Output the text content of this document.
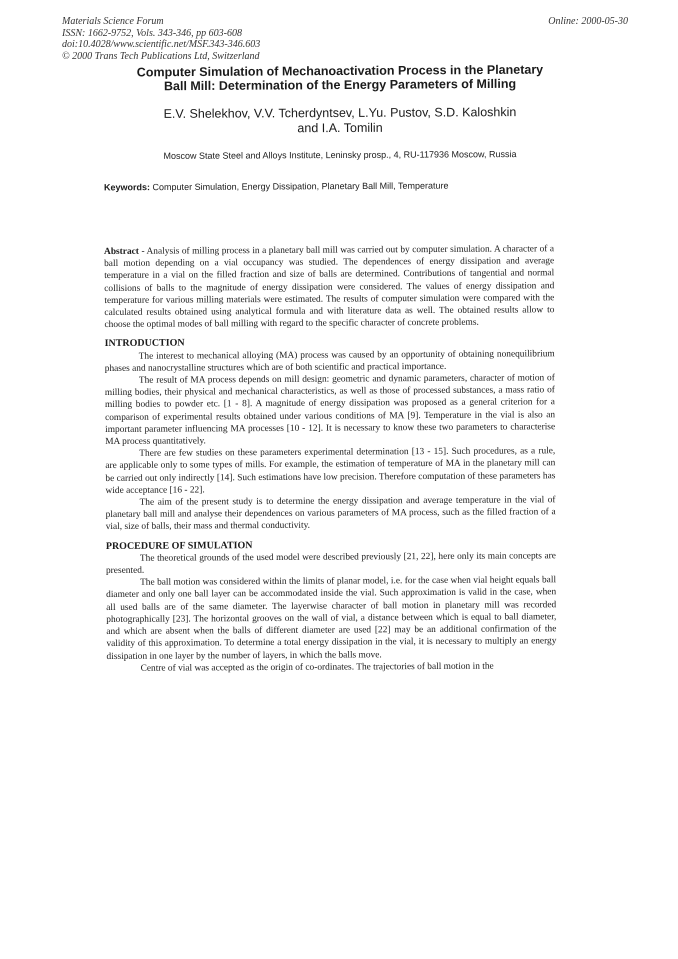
Materials Science Forum
ISSN: 1662-9752, Vols. 343-346, pp 603-608
doi:10.4028/www.scientific.net/MSF.343-346.603
© 2000 Trans Tech Publications Ltd, Switzerland
Online: 2000-05-30
Computer Simulation of Mechanoactivation Process in the Planetary
Ball Mill: Determination of the Energy Parameters of Milling
E.V. Shelekhov, V.V. Tcherdyntsev, L.Yu. Pustov, S.D. Kaloshkin
and I.A. Tomilin
Moscow State Steel and Alloys Institute, Leninsky prosp., 4, RU-117936 Moscow, Russia
Keywords: Computer Simulation, Energy Dissipation, Planetary Ball Mill, Temperature

Abstract - Analysis of milling process in a planetary ball mill was carried out by computer simulation. A character of a ball motion depending on a vial occupancy was studied. The dependences of energy dissipation and average temperature in a vial on the filled fraction and size of balls are determined. Contributions of tangential and normal collisions of balls to the magnitude of energy dissipation were considered. The values of energy dissipation and temperature for various milling materials were estimated. The results of computer simulation were compared with the calculated results obtained using analytical formula and with literature data as well. The obtained results allow to choose the optimal modes of ball milling with regard to the specific character of concrete problems.

INTRODUCTION

The interest to mechanical alloying (MA) process was caused by an opportunity of obtaining nonequilibrium phases and nanocrystalline structures which are of both scientific and practical importance.

The result of MA process depends on mill design: geometric and dynamic parameters, character of motion of milling bodies, their physical and mechanical characteristics, as well as those of processed substances, a mass ratio of milling bodies to powder etc. [1 - 8]. A magnitude of energy dissipation was proposed as a general criterion for a comparison of experimental results obtained under various conditions of MA [9]. Temperature in the vial is also an important parameter influencing MA processes [10 - 12]. It is necessary to know these two parameters to characterise MA process quantitatively.

There are few studies on these parameters experimental determination [13 - 15]. Such procedures, as a rule, are applicable only to some types of mills. For example, the estimation of temperature of MA in the planetary mill can be carried out only indirectly [14]. Such estimations have low precision. Therefore computation of these parameters has wide acceptance [16 - 22].

The aim of the present study is to determine the energy dissipation and average temperature in the vial of planetary ball mill and analyse their dependences on various parameters of MA process, such as the filled fraction of a vial, size of balls, their mass and thermal conductivity.

PROCEDURE OF SIMULATION

The theoretical grounds of the used model were described previously [21, 22], here only its main concepts are presented.

The ball motion was considered within the limits of planar model, i.e. for the case when vial height equals ball diameter and only one ball layer can be accommodated inside the vial. Such approximation is valid in the case, when all used balls are of the same diameter. The layerwise character of ball motion in planetary mill was recorded photographically [23]. The horizontal grooves on the wall of vial, a distance between which is equal to ball diameter, and which are absent when the balls of different diameter are used [22] may be an additional confirmation of the validity of this approximation. To determine a total energy dissipation in the vial, it is necessary to multiply an energy dissipation in one layer by the number of layers, in which the balls move.

Centre of vial was accepted as the origin of co-ordinates. The trajectories of ball motion in the
